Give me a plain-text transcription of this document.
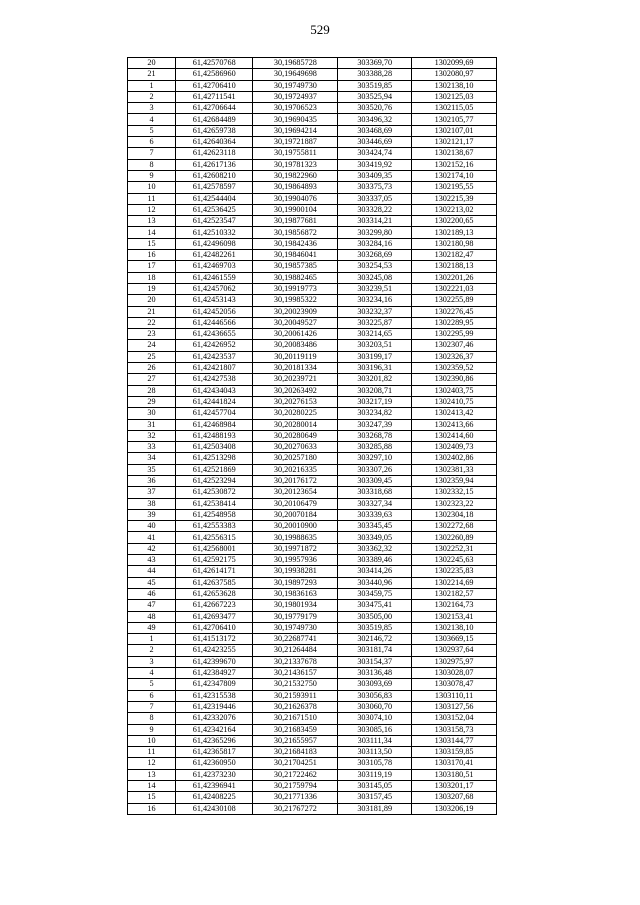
529
20	61,42570768	30,19685728	303369,70	1302099,69
21	61,42586960	30,19649698	303388,28	1302080,97
1	61,42706410	30,19749730	303519,85	1302138,10
2	61,42711541	30,19724937	303525,94	1302125,03
3	61,42706644	30,19706523	303520,76	1302115,05
4	61,42684489	30,19690435	303496,32	1302105,77
5	61,42659738	30,19694214	303468,69	1302107,01
6	61,42640364	30,19721887	303446,69	1302121,17
7	61,42623118	30,19755811	303424,74	1302138,67
8	61,42617136	30,19781323	303419,92	1302152,16
9	61,42608210	30,19822960	303409,35	1302174,10
10	61,42578597	30,19864893	303375,73	1302195,55
11	61,42544404	30,19904076	303337,05	1302215,39
12	61,42536425	30,19900104	303328,22	1302213,02
13	61,42523547	30,19877681	303314,21	1302200,65
14	61,42510332	30,19856872	303299,80	1302189,13
15	61,42496098	30,19842436	303284,16	1302180,98
16	61,42482261	30,19846041	303268,69	1302182,47
17	61,42469703	30,19857385	303254,53	1302188,13
18	61,42461559	30,19882465	303245,08	1302201,26
19	61,42457062	30,19919773	303239,51	1302221,03
20	61,42453143	30,19985322	303234,16	1302255,89
21	61,42452056	30,20023909	303232,37	1302276,45
22	61,42446566	30,20049527	303225,87	1302289,95
23	61,42436655	30,20061426	303214,65	1302295,99
24	61,42426952	30,20083486	303203,51	1302307,46
25	61,42423537	30,20119119	303199,17	1302326,37
26	61,42421807	30,20181334	303196,31	1302359,52
27	61,42427538	30,20239721	303201,82	1302390,86
28	61,42434043	30,20263492	303208,71	1302403,75
29	61,42441824	30,20276153	303217,19	1302410,75
30	61,42457704	30,20280225	303234,82	1302413,42
31	61,42468984	30,20280014	303247,39	1302413,66
32	61,42488193	30,20280649	303268,78	1302414,60
33	61,42503408	30,20270633	303285,88	1302409,73
34	61,42513298	30,20257180	303297,10	1302402,86
35	61,42521869	30,20216335	303307,26	1302381,33
36	61,42523294	30,20176172	303309,45	1302359,94
37	61,42530872	30,20123654	303318,68	1302332,15
38	61,42538414	30,20106479	303327,34	1302323,22
39	61,42548958	30,20070184	303339,63	1302304,18
40	61,42553383	30,20010900	303345,45	1302272,68
41	61,42556315	30,19988635	303349,05	1302260,89
42	61,42568001	30,19971872	303362,32	1302252,31
43	61,42592175	30,19957936	303389,46	1302245,63
44	61,42614171	30,19938281	303414,26	1302235,83
45	61,42637585	30,19897293	303440,96	1302214,69
46	61,42653628	30,19836163	303459,75	1302182,57
47	61,42667223	30,19801934	303475,41	1302164,73
48	61,42693477	30,19779179	303505,00	1302153,41
49	61,42706410	30,19749730	303519,85	1302138,10
1	61,41513172	30,22687741	302146,72	1303669,15
2	61,42423255	30,21264484	303181,74	1302937,64
3	61,42399670	30,21337678	303154,37	1302975,97
4	61,42384927	30,21436157	303136,48	1303028,07
5	61,42347809	30,21532750	303093,69	1303078,47
6	61,42315538	30,21593911	303056,83	1303110,11
7	61,42319446	30,21626378	303060,70	1303127,56
8	61,42332076	30,21671510	303074,10	1303152,04
9	61,42342164	30,21683459	303085,16	1303158,73
10	61,42365296	30,21655957	303111,34	1303144,77
11	61,42365817	30,21684183	303113,50	1303159,85
12	61,42360950	30,21704251	303105,78	1303170,41
13	61,42373230	30,21722462	303119,19	1303180,51
14	61,42396941	30,21759794	303145,05	1303201,17
15	61,42408225	30,21771336	303157,45	1303207,68
16	61,42430108	30,21767272	303181,89	1303206,19
